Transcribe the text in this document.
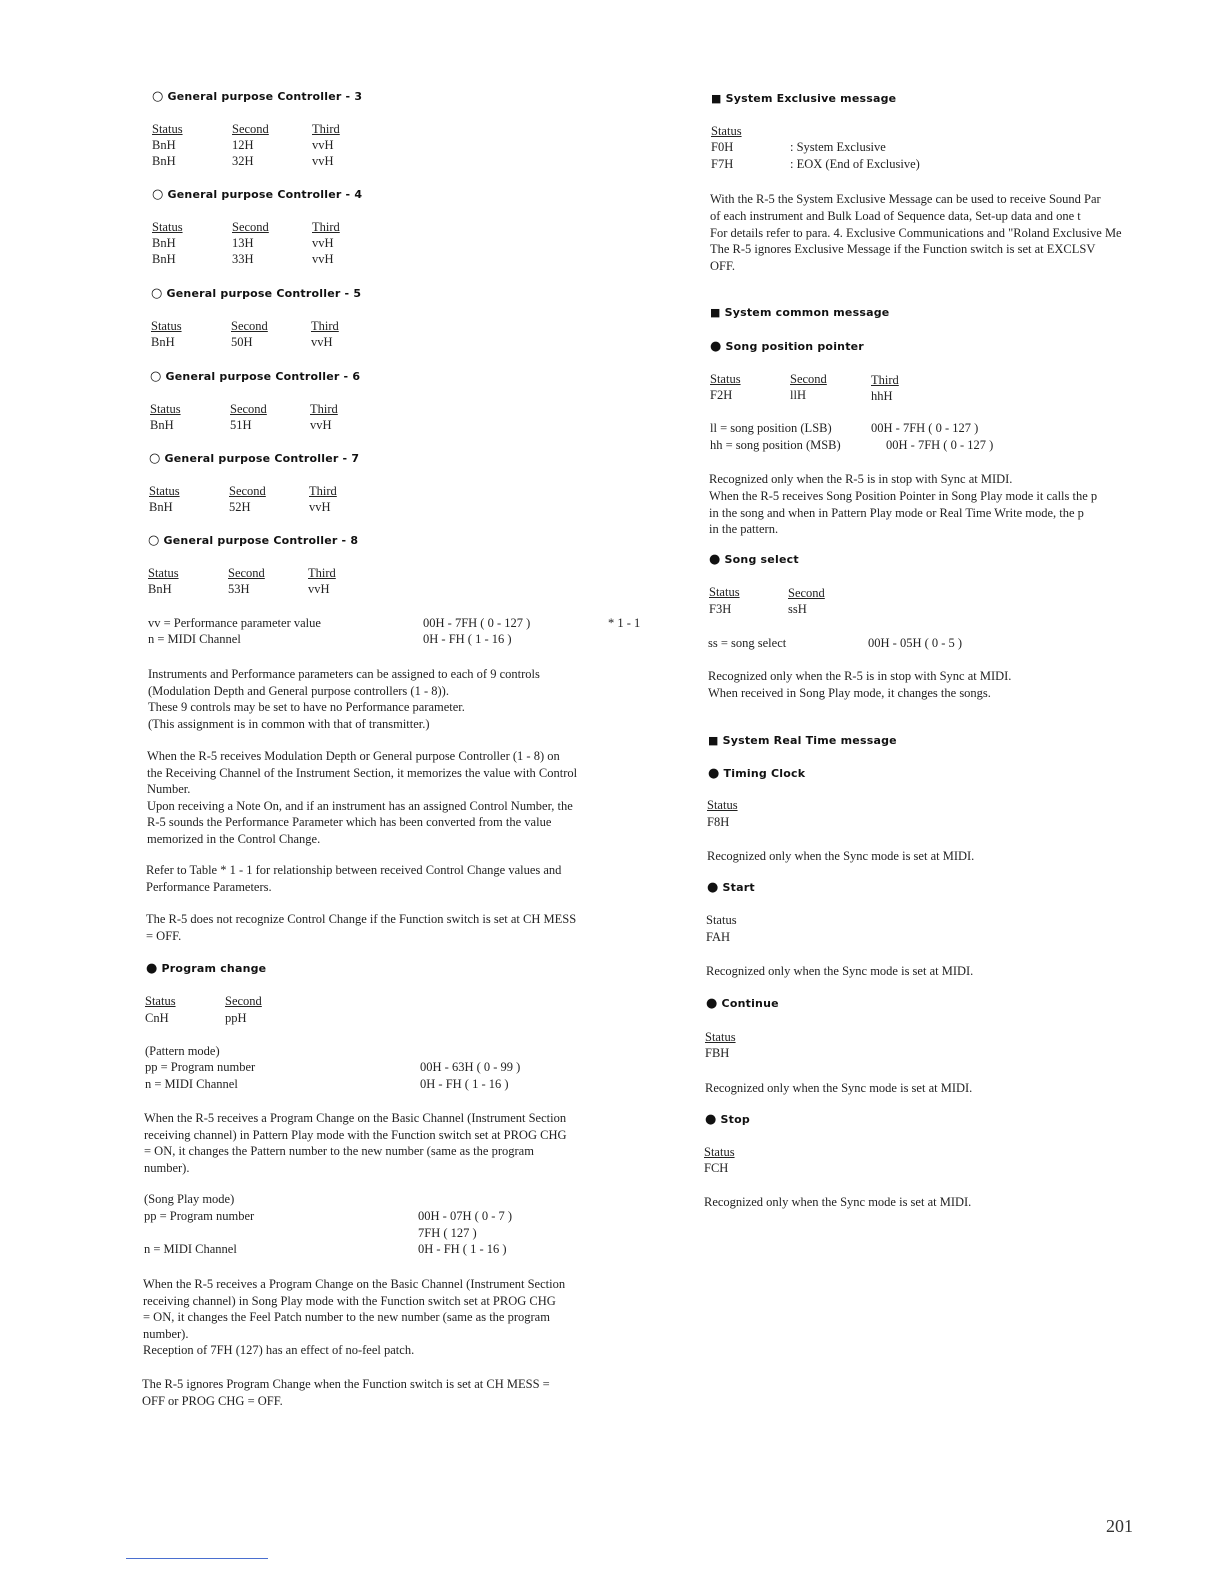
○ General purpose Controller - 3
Status	Second	Third
BnH	12H	vvH
BnH	32H	vvH
○ General purpose Controller - 4
Status	Second	Third
BnH	13H	vvH
BnH	33H	vvH
○ General purpose Controller - 5
Status	Second	Third
BnH	50H	vvH
○ General purpose Controller - 6
Status	Second	Third
BnH	51H	vvH
○ General purpose Controller - 7
Status	Second	Third
BnH	52H	vvH
○ General purpose Controller - 8
Status	Second	Third
BnH	53H	vvH
vv = Performance parameter value	00H - 7FH ( 0 - 127 )	* 1 - 1
n = MIDI Channel	0H - FH ( 1 - 16 )
Instruments and Performance parameters can be assigned to each of 9 controls
(Modulation Depth and General purpose controllers (1 - 8)).
These 9 controls may be set to have no Performance parameter.
(This assignment is in common with that of transmitter.)
When the R-5 receives Modulation Depth or General purpose Controller (1 - 8) on
the Receiving Channel of the Instrument Section, it memorizes the value with Control
Number.
Upon receiving a Note On, and if an instrument has an assigned Control Number, the
R-5 sounds the Performance Parameter which has been converted from the value
memorized in the Control Change.
Refer to Table * 1 - 1 for relationship between received Control Change values and
Performance Parameters.
The R-5 does not recognize Control Change if the Function switch is set at CH MESS
= OFF.
● Program change
Status	Second
CnH	ppH
(Pattern mode)
pp = Program number	00H - 63H ( 0 - 99 )
n = MIDI Channel	0H - FH ( 1 - 16 )
When the R-5 receives a Program Change on the Basic Channel (Instrument Section
receiving channel) in Pattern Play mode with the Function switch set at PROG CHG
= ON, it changes the Pattern number to the new number (same as the program
number).
(Song Play mode)
pp = Program number	00H - 07H ( 0 - 7 )
7FH ( 127 )
n = MIDI Channel	0H - FH ( 1 - 16 )
When the R-5 receives a Program Change on the Basic Channel (Instrument Section
receiving channel) in Song Play mode with the Function switch set at PROG CHG
= ON, it changes the Feel Patch number to the new number (same as the program
number).
Reception of 7FH (127) has an effect of no-feel patch.
The R-5 ignores Program Change when the Function switch is set at CH MESS =
OFF or PROG CHG = OFF.
■ System Exclusive message
Status
F0H	: System Exclusive
F7H	: EOX (End of Exclusive)
With the R-5 the System Exclusive Message can be used to receive Sound Par
of each instrument and Bulk Load of Sequence data, Set-up data and one t
For details refer to para. 4. Exclusive Communications and "Roland Exclusive Me
The R-5 ignores Exclusive Message if the Function switch is set at EXCLSV
OFF.
■ System common message
● Song position pointer
Status	Second	Third
F2H	llH	hhH
ll = song position (LSB)	00H - 7FH ( 0 - 127 )
hh = song position (MSB)	00H - 7FH ( 0 - 127 )
Recognized only when the R-5 is in stop with Sync at MIDI.
When the R-5 receives Song Position Pointer in Song Play mode it calls the p
in the song and when in Pattern Play mode or Real Time Write mode, the p
in the pattern.
● Song select
Status	Second
F3H	ssH
ss = song select	00H - 05H ( 0 - 5 )
Recognized only when the R-5 is in stop with Sync at MIDI.
When received in Song Play mode, it changes the songs.
■ System Real Time message
● Timing Clock
Status
F8H
Recognized only when the Sync mode is set at MIDI.
● Start
Status
FAH
Recognized only when the Sync mode is set at MIDI.
● Continue
Status
FBH
Recognized only when the Sync mode is set at MIDI.
● Stop
Status
FCH
Recognized only when the Sync mode is set at MIDI.
201
